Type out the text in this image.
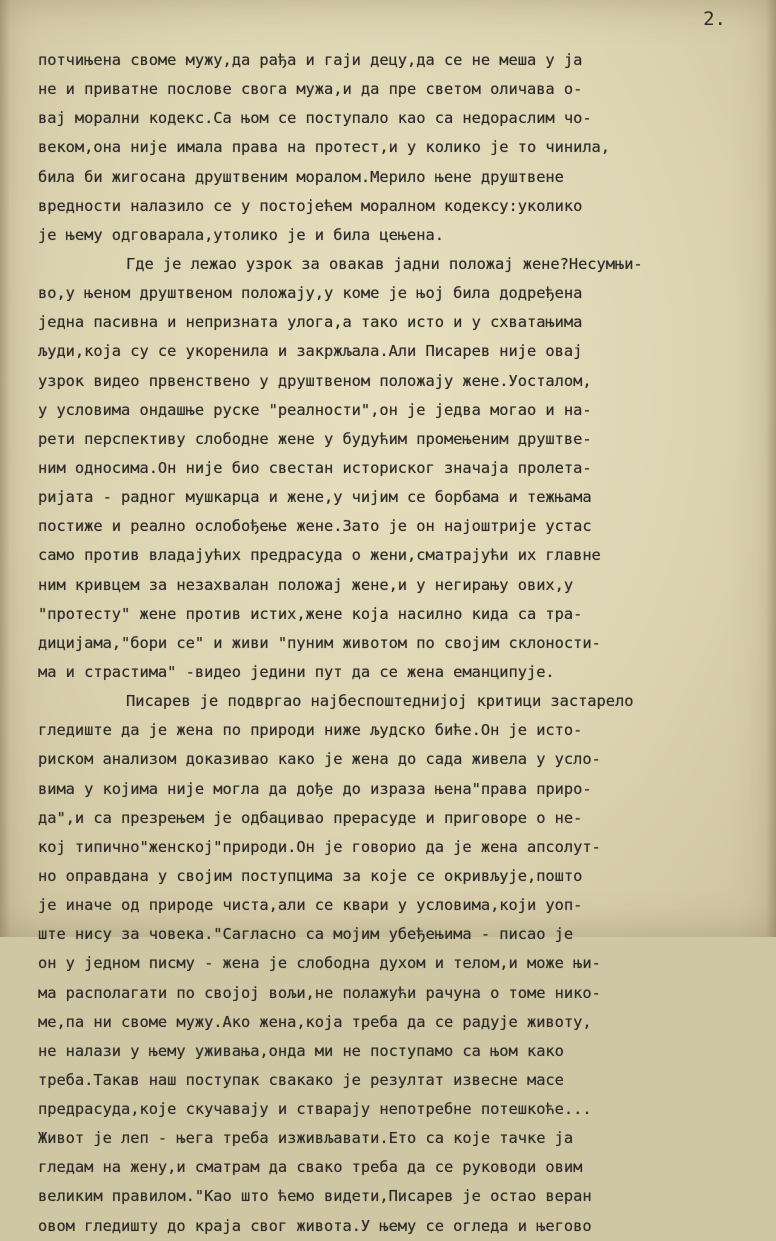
2.
потчињена своме мужу,да рађа и гаји децу,да се не меша у ја
не и приватне послове свога мужа,и да пре светом оличава о-
вај морални кодекс.Са њом се поступало као са недораслим чо-
веком,она није имала права на протест,и у колико је то чинила,
била би жигосана друштвеним моралом.Мерило њене друштвене
вредности налазило се у постојећем моралном кодексу:уколико
је њему одговарала,утолико је и била цењена.
Где је лежао узрок за овакав јадни положај жене?Несумњи-
во,у њеном друштвеном положају,у коме је њој била додређена
једна пасивна и непризната улога,а тако исто и у схватањима
људи,која су се укоренила и закржљала.Али Писарев није овај
узрок видео првенствено у друштвеном положају жене.Уосталом,
у условима ондашње руске "реалности",он је једва могао и на-
рети перспективу слободне жене у будућим промењеним друштве-
ним односима.Он није био свестан историског значаја пролета-
ријата - радног мушкарца и жене,у чијим се борбама и тежњама
постиже и реално ослобођење жене.Зато је он најоштрије устас
само против владајућих предрасуда о жени,сматрајући их главне
ним кривцем за незахвалан положај жене,и у негирању ових,у
"протесту" жене против истих,жене која насилно кида са тра-
дицијама,"бори се" и живи "пуним животом по својим склоности-
ма и страстима" -видео једини пут да се жена еманципује.
Писарев је подвргао најбеспоштеднијој критици застарело
гледиште да је жена по природи ниже људско биће.Он је исто-
риском анализом доказивао како је жена до сада живела у усло-
вима у којима није могла да дође до израза њена"права приро-
да",и са презрењем је одбацивао прерасуде и приговоре о не-
кој типично"женској"природи.Он је говорио да је жена апсолут-
но оправдана у својим поступцима за које се окривљује,пошто
је иначе од природе чиста,али се квари у условима,који уоп-
ште нису за човека."Сагласно са мојим убеђењима - писао је
он у једном писму - жена је слободна духом и телом,и може њи-
ма располагати по својој вољи,не полажући рачуна о томе нико-
ме,па ни своме мужу.Ако жена,која треба да се радује животу,
не налази у њему уживања,онда ми не поступамо са њом како
треба.Такав наш поступак свакако је резултат извесне масе
предрасуда,које скучавају и стварају непотребне потешкоће...
Живот је леп - њега треба изживљавати.Ето са које тачке ја
гледам на жену,и сматрам да свако треба да се руководи овим
великим правилом."Као што ћемо видети,Писарев је остао веран
овом гледишту до краја свог живота.У њему се огледа и његово
